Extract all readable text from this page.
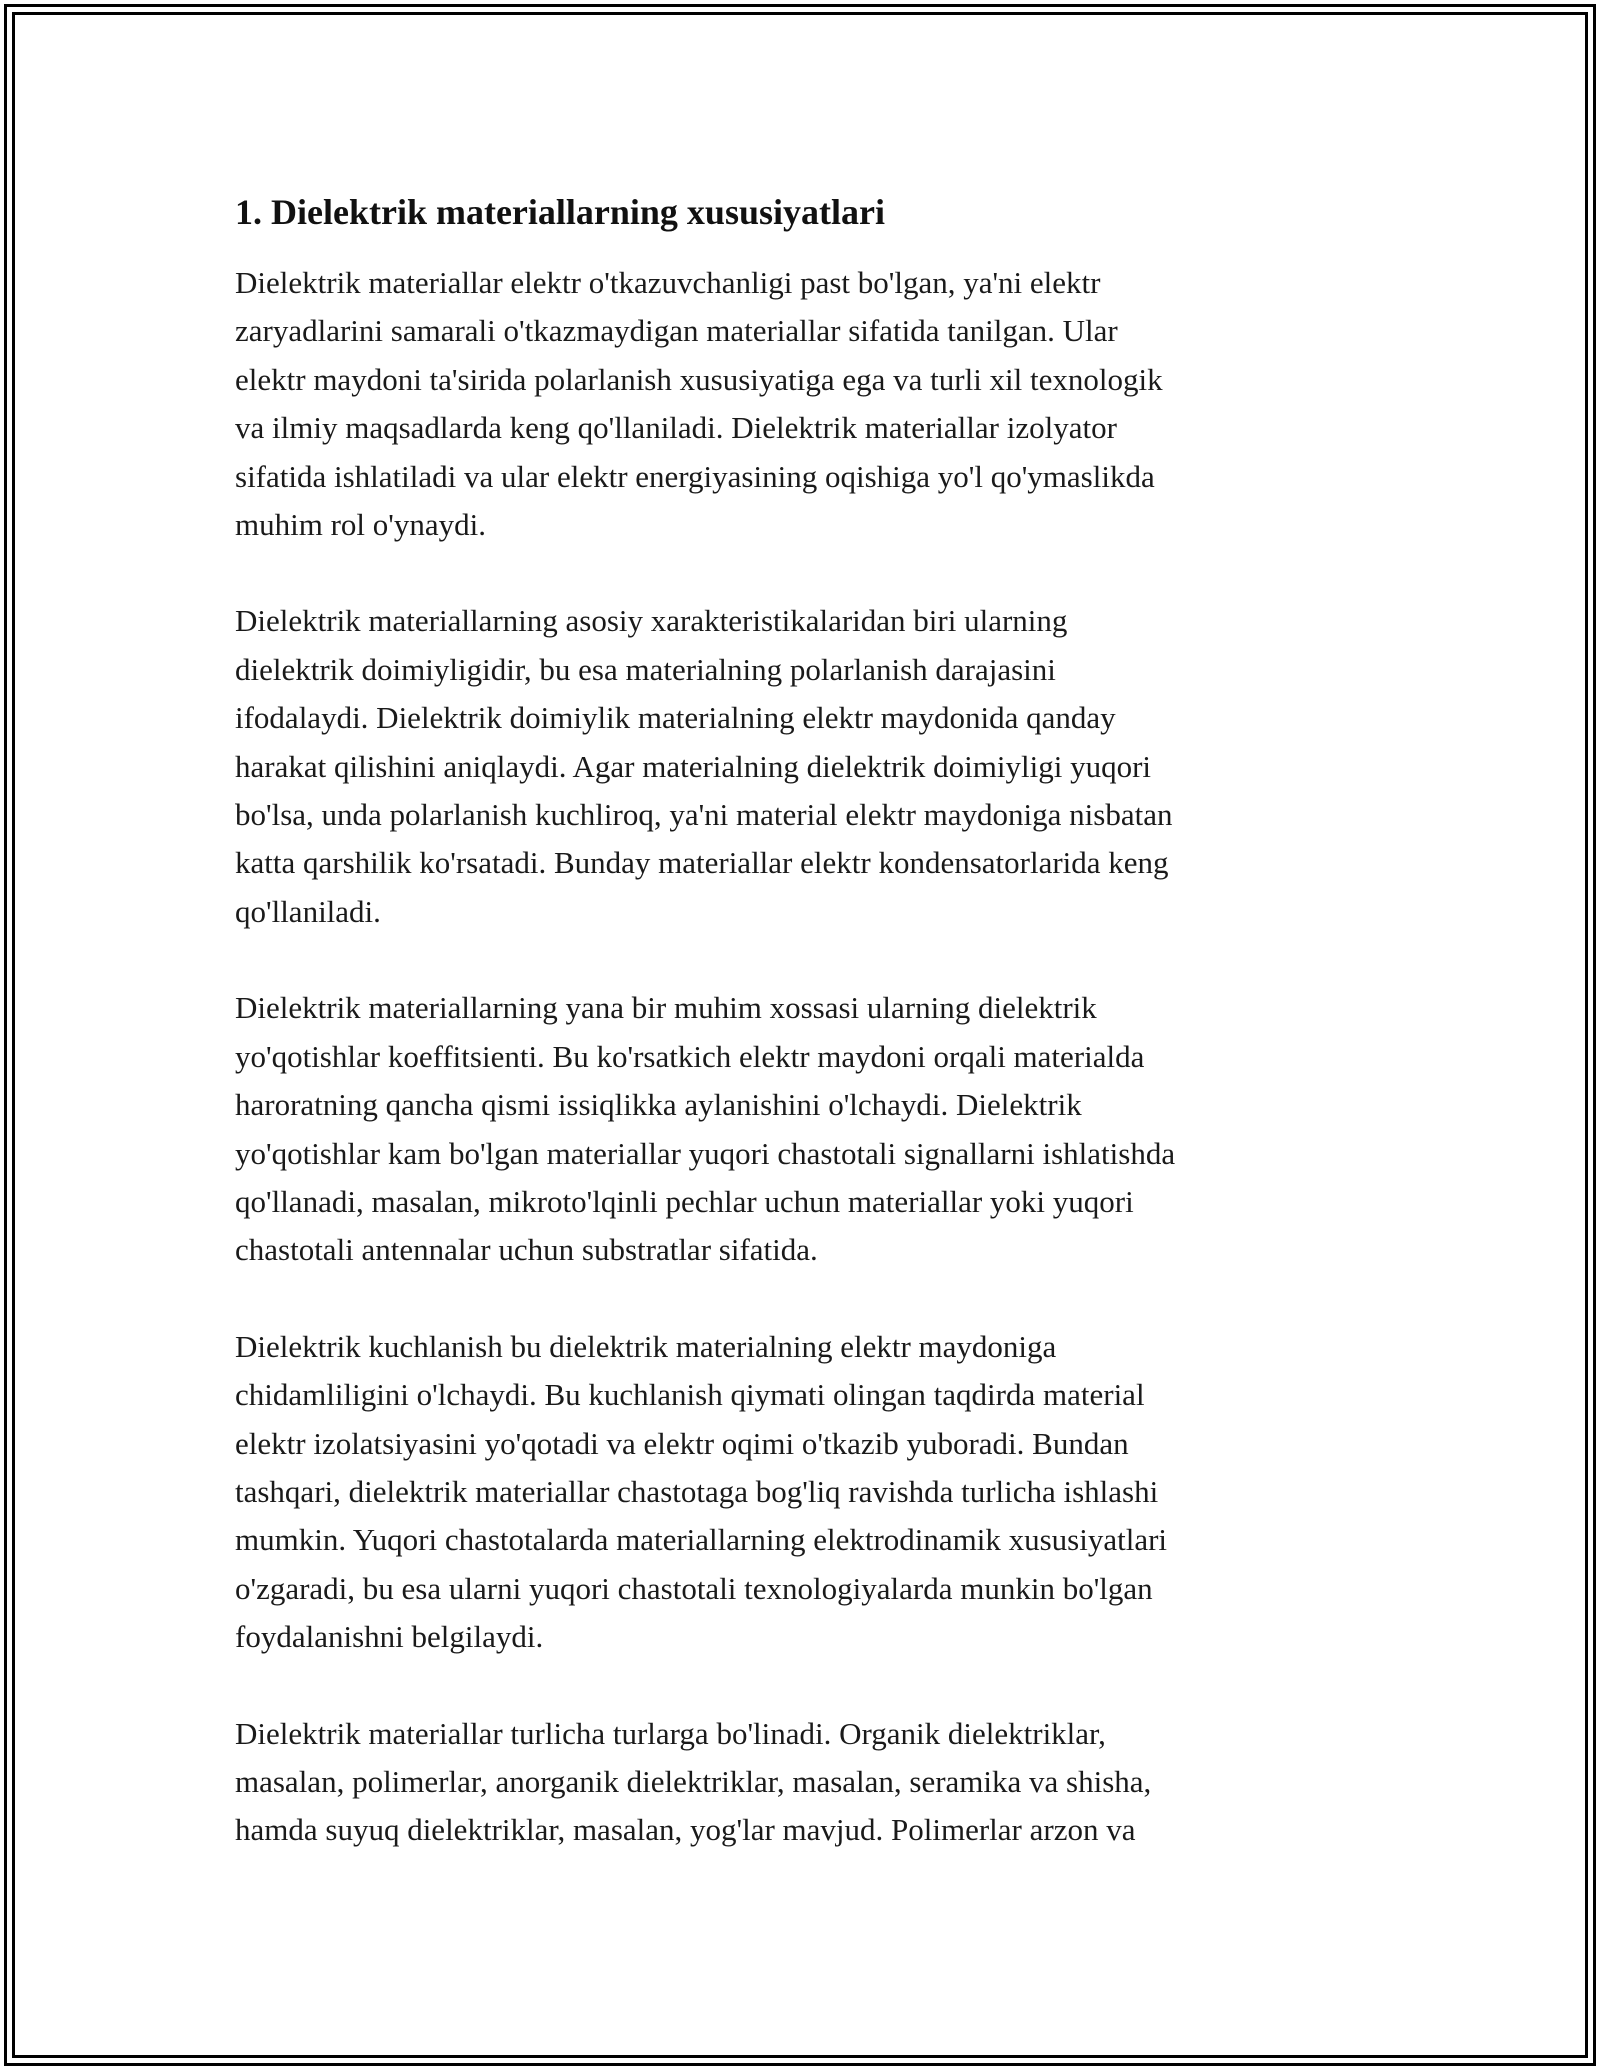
1. Dielektrik materiallarning xususiyatlari

Dielektrik materiallar elektr o'tkazuvchanligi past bo'lgan, ya'ni elektr
zaryadlarini samarali o'tkazmaydigan materiallar sifatida tanilgan. Ular
elektr maydoni ta'sirida polarlanish xususiyatiga ega va turli xil texnologik
va ilmiy maqsadlarda keng qo'llaniladi. Dielektrik materiallar izolyator
sifatida ishlatiladi va ular elektr energiyasining oqishiga yo'l qo'ymaslikda
muhim rol o'ynaydi.

Dielektrik materiallarning asosiy xarakteristikalaridan biri ularning
dielektrik doimiyligidir, bu esa materialning polarlanish darajasini
ifodalaydi. Dielektrik doimiylik materialning elektr maydonida qanday
harakat qilishini aniqlaydi. Agar materialning dielektrik doimiyligi yuqori
bo'lsa, unda polarlanish kuchliroq, ya'ni material elektr maydoniga nisbatan
katta qarshilik ko'rsatadi. Bunday materiallar elektr kondensatorlarida keng
qo'llaniladi.

Dielektrik materiallarning yana bir muhim xossasi ularning dielektrik
yo'qotishlar koeffitsienti. Bu ko'rsatkich elektr maydoni orqali materialda
haroratning qancha qismi issiqlikka aylanishini o'lchaydi. Dielektrik
yo'qotishlar kam bo'lgan materiallar yuqori chastotali signallarni ishlatishda
qo'llanadi, masalan, mikroto'lqinli pechlar uchun materiallar yoki yuqori
chastotali antennalar uchun substratlar sifatida.

Dielektrik kuchlanish bu dielektrik materialning elektr maydoniga
chidamliligini o'lchaydi. Bu kuchlanish qiymati olingan taqdirda material
elektr izolatsiyasini yo'qotadi va elektr oqimi o'tkazib yuboradi. Bundan
tashqari, dielektrik materiallar chastotaga bog'liq ravishda turlicha ishlashi
mumkin. Yuqori chastotalarda materiallarning elektrodinamik xususiyatlari
o'zgaradi, bu esa ularni yuqori chastotali texnologiyalarda munkin bo'lgan
foydalanishni belgilaydi.

Dielektrik materiallar turlicha turlarga bo'linadi. Organik dielektriklar,
masalan, polimerlar, anorganik dielektriklar, masalan, seramika va shisha,
hamda suyuq dielektriklar, masalan, yog'lar mavjud. Polimerlar arzon va
